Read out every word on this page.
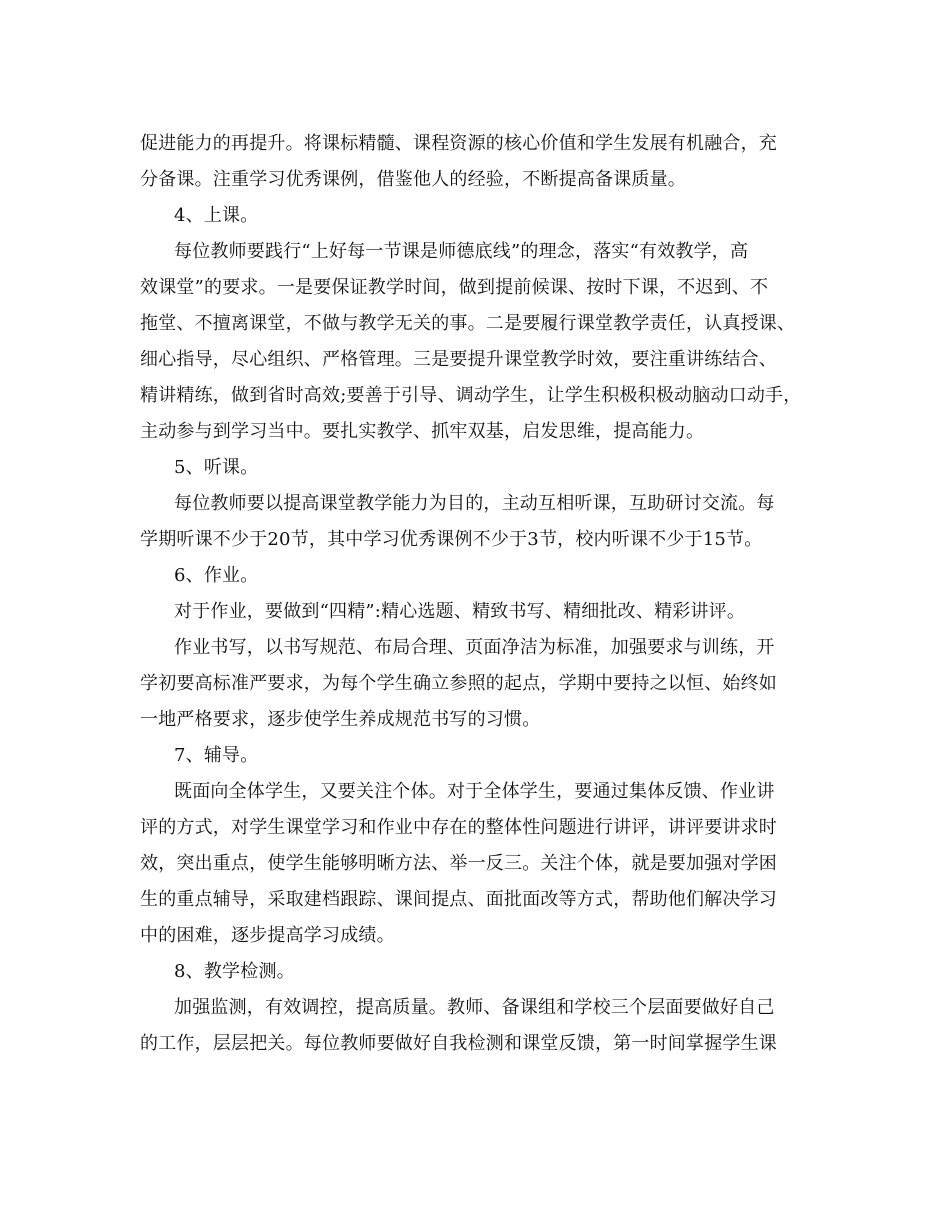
促进能力的再提升。将课标精髓、课程资源的核心价值和学生发展有机融合，充
分备课。注重学习优秀课例，借鉴他人的经验，不断提高备课质量。
4、上课。
每位教师要践行“上好每一节课是师德底线”的理念，落实“有效教学，高
效课堂”的要求。一是要保证教学时间，做到提前候课、按时下课，不迟到、不
拖堂、不擅离课堂，不做与教学无关的事。二是要履行课堂教学责任，认真授课、
细心指导，尽心组织、严格管理。三是要提升课堂教学时效，要注重讲练结合、
精讲精练，做到省时高效;要善于引导、调动学生，让学生积极积极动脑动口动手，
主动参与到学习当中。要扎实教学、抓牢双基，启发思维，提高能力。
5、听课。
每位教师要以提高课堂教学能力为目的，主动互相听课，互助研讨交流。每
学期听课不少于20节，其中学习优秀课例不少于3节，校内听课不少于15节。
6、作业。
对于作业，要做到“四精”:精心选题、精致书写、精细批改、精彩讲评。
作业书写，以书写规范、布局合理、页面净洁为标准，加强要求与训练，开
学初要高标准严要求，为每个学生确立参照的起点，学期中要持之以恒、始终如
一地严格要求，逐步使学生养成规范书写的习惯。
7、辅导。
既面向全体学生，又要关注个体。对于全体学生，要通过集体反馈、作业讲
评的方式，对学生课堂学习和作业中存在的整体性问题进行讲评，讲评要讲求时
效，突出重点，使学生能够明晰方法、举一反三。关注个体，就是要加强对学困
生的重点辅导，采取建档跟踪、课间提点、面批面改等方式，帮助他们解决学习
中的困难，逐步提高学习成绩。
8、教学检测。
加强监测，有效调控，提高质量。教师、备课组和学校三个层面要做好自己
的工作，层层把关。每位教师要做好自我检测和课堂反馈，第一时间掌握学生课
